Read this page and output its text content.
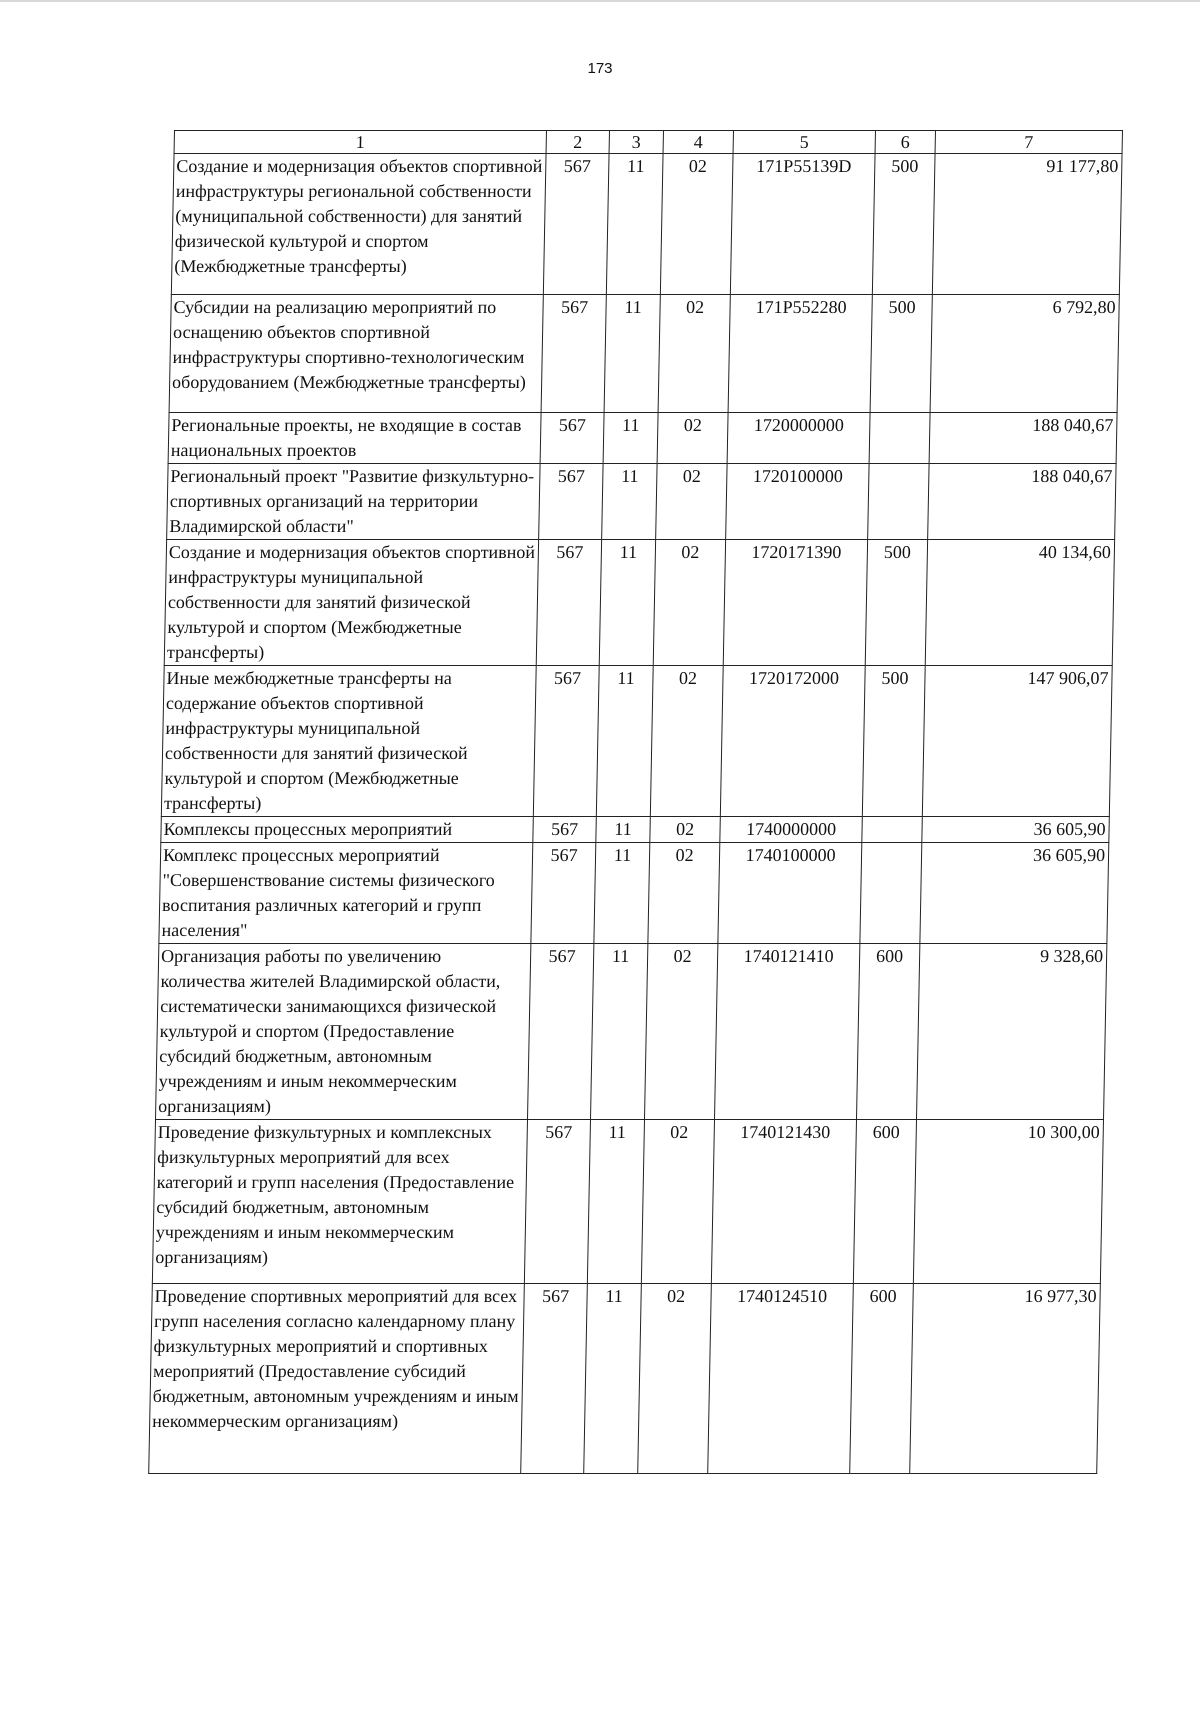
173
1	2	3	4	5	6	7
Создание и модернизация объектов спортивной инфраструктуры региональной собственности (муниципальной собственности) для занятий физической культурой и спортом (Межбюджетные трансферты)	567	11	02	171P55139D	500	91 177,80
Субсидии на реализацию мероприятий по оснащению объектов спортивной инфраструктуры спортивно-технологическим оборудованием (Межбюджетные трансферты)	567	11	02	171P552280	500	6 792,80
Региональные проекты, не входящие в состав национальных проектов	567	11	02	1720000000		188 040,67
Региональный проект "Развитие физкультурно-спортивных организаций на территории Владимирской области"	567	11	02	1720100000		188 040,67
Создание и модернизация объектов спортивной инфраструктуры муниципальной собственности для занятий физической культурой и спортом (Межбюджетные трансферты)	567	11	02	1720171390	500	40 134,60
Иные межбюджетные трансферты на содержание объектов спортивной инфраструктуры муниципальной собственности для занятий физической культурой и спортом (Межбюджетные трансферты)	567	11	02	1720172000	500	147 906,07
Комплексы процессных мероприятий	567	11	02	1740000000		36 605,90
Комплекс процессных мероприятий "Совершенствование системы физического воспитания различных категорий и групп населения"	567	11	02	1740100000		36 605,90
Организация работы по увеличению количества жителей Владимирской области, систематически занимающихся физической культурой и спортом (Предоставление субсидий бюджетным, автономным учреждениям и иным некоммерческим организациям)	567	11	02	1740121410	600	9 328,60
Проведение физкультурных и комплексных физкультурных мероприятий для всех категорий и групп населения (Предоставление субсидий бюджетным, автономным учреждениям и иным некоммерческим организациям)	567	11	02	1740121430	600	10 300,00
Проведение спортивных мероприятий для всех групп населения согласно календарному плану физкультурных мероприятий и спортивных мероприятий (Предоставление субсидий бюджетным, автономным учреждениям и иным некоммерческим организациям)	567	11	02	1740124510	600	16 977,30
